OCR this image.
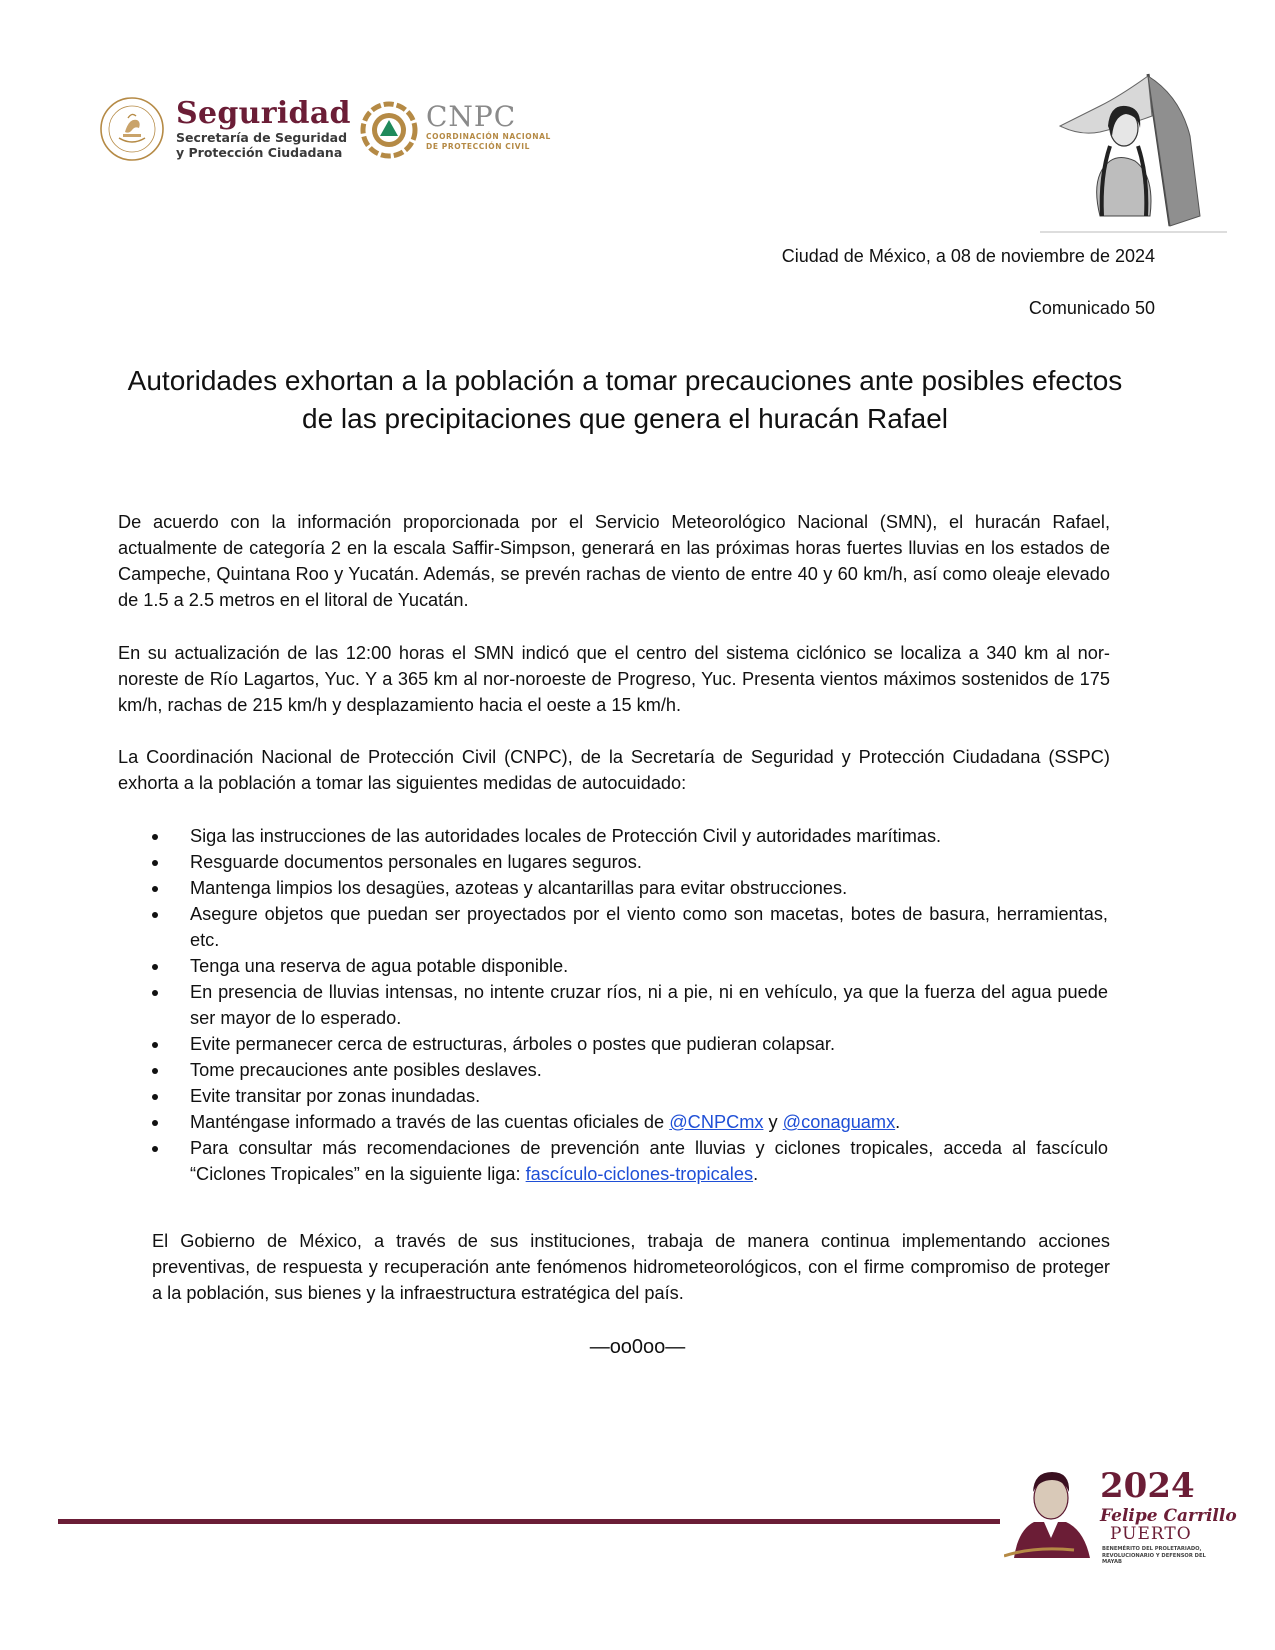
Seguridad
Secretaría de Seguridad
y Protección Ciudadana
CNPC
COORDINACIÓN NACIONAL
DE PROTECCIÓN CIVIL
Ciudad de México, a 08 de noviembre de 2024
Comunicado 50
Autoridades exhortan a la población a tomar precauciones ante posibles efectos de las precipitaciones que genera el huracán Rafael

De acuerdo con la información proporcionada por el Servicio Meteorológico Nacional (SMN), el huracán Rafael, actualmente de categoría 2 en la escala Saffir-Simpson, generará en las próximas horas fuertes lluvias en los estados de Campeche, Quintana Roo y Yucatán. Además, se prevén rachas de viento de entre 40 y 60 km/h, así como oleaje elevado de 1.5 a 2.5 metros en el litoral de Yucatán.

En su actualización de las 12:00 horas el SMN indicó que el centro del sistema ciclónico se localiza a 340 km al nor-noreste de Río Lagartos, Yuc. Y a 365 km al nor-noroeste de Progreso, Yuc. Presenta vientos máximos sostenidos de 175 km/h, rachas de 215 km/h y desplazamiento hacia el oeste a 15 km/h.

La Coordinación Nacional de Protección Civil (CNPC), de la Secretaría de Seguridad y Protección Ciudadana (SSPC) exhorta a la población a tomar las siguientes medidas de autocuidado:

Siga las instrucciones de las autoridades locales de Protección Civil y autoridades marítimas.
Resguarde documentos personales en lugares seguros.
Mantenga limpios los desagües, azoteas y alcantarillas para evitar obstrucciones.
Asegure objetos que puedan ser proyectados por el viento como son macetas, botes de basura, herramientas, etc.
Tenga una reserva de agua potable disponible.
En presencia de lluvias intensas, no intente cruzar ríos, ni a pie, ni en vehículo, ya que la fuerza del agua puede ser mayor de lo esperado.
Evite permanecer cerca de estructuras, árboles o postes que pudieran colapsar.
Tome precauciones ante posibles deslaves.
Evite transitar por zonas inundadas.
Manténgase informado a través de las cuentas oficiales de @CNPCmx y @conaguamx.
Para consultar más recomendaciones de prevención ante lluvias y ciclones tropicales, acceda al fascículo “Ciclones Tropicales” en la siguiente liga: fascículo-ciclones-tropicales.

El Gobierno de México, a través de sus instituciones, trabaja de manera continua implementando acciones preventivas, de respuesta y recuperación ante fenómenos hidrometeorológicos, con el firme compromiso de proteger a la población, sus bienes y la infraestructura estratégica del país.

—oo0oo—
2024
Felipe Carrillo
PUERTO
BENEMÉRITO DEL PROLETARIADO, REVOLUCIONARIO Y DEFENSOR DEL MAYAB
